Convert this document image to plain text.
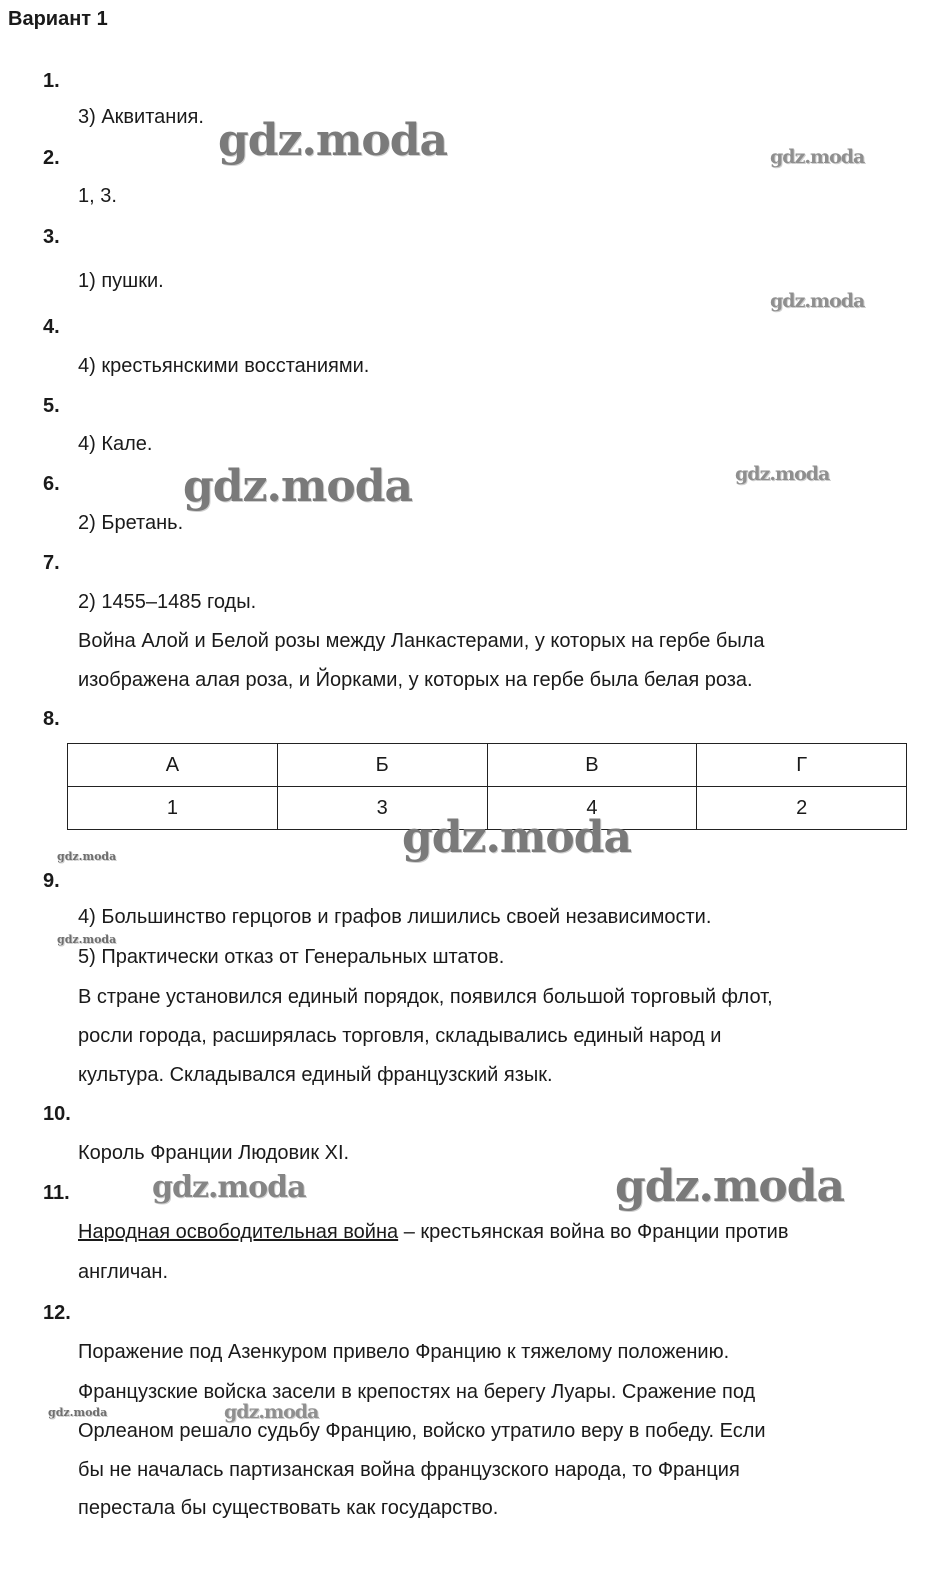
Вариант 1
1.
3) Аквитания.
2.
1, 3.
3.
1) пушки.
4.
4) крестьянскими восстаниями.
5.
4) Кале.
6.
2) Бретань.
7.
2) 1455–1485 годы.
Война Алой и Белой розы между Ланкастерами, у которых на гербе была
изображена алая роза, и Йорками, у которых на гербе была белая роза.
8.
А	Б	В	Г
1	3	4	2
9.
4) Большинство герцогов и графов лишились своей независимости.
5) Практически отказ от Генеральных штатов.
В стране установился единый порядок, появился большой торговый флот,
росли города, расширялась торговля, складывались единый народ и
культура. Складывался единый французский язык.
10.
Король Франции Людовик XI.
11.
Народная освободительная война – крестьянская война во Франции против
англичан.
12.
Поражение под Азенкуром привело Францию к тяжелому положению.
Французские войска засели в крепостях на берегу Луары. Сражение под
Орлеаном решало судьбу Францию, войско утратило веру в победу. Если
бы не началась партизанская война французского народа, то Франция
перестала бы существовать как государство.
gdz.moda	gdz.moda
gdz.moda
gdz.moda	gdz.moda
gdz.moda
gdz.moda
gdz.moda
gdz.moda	gdz.moda
gdz.moda	gdz.moda
